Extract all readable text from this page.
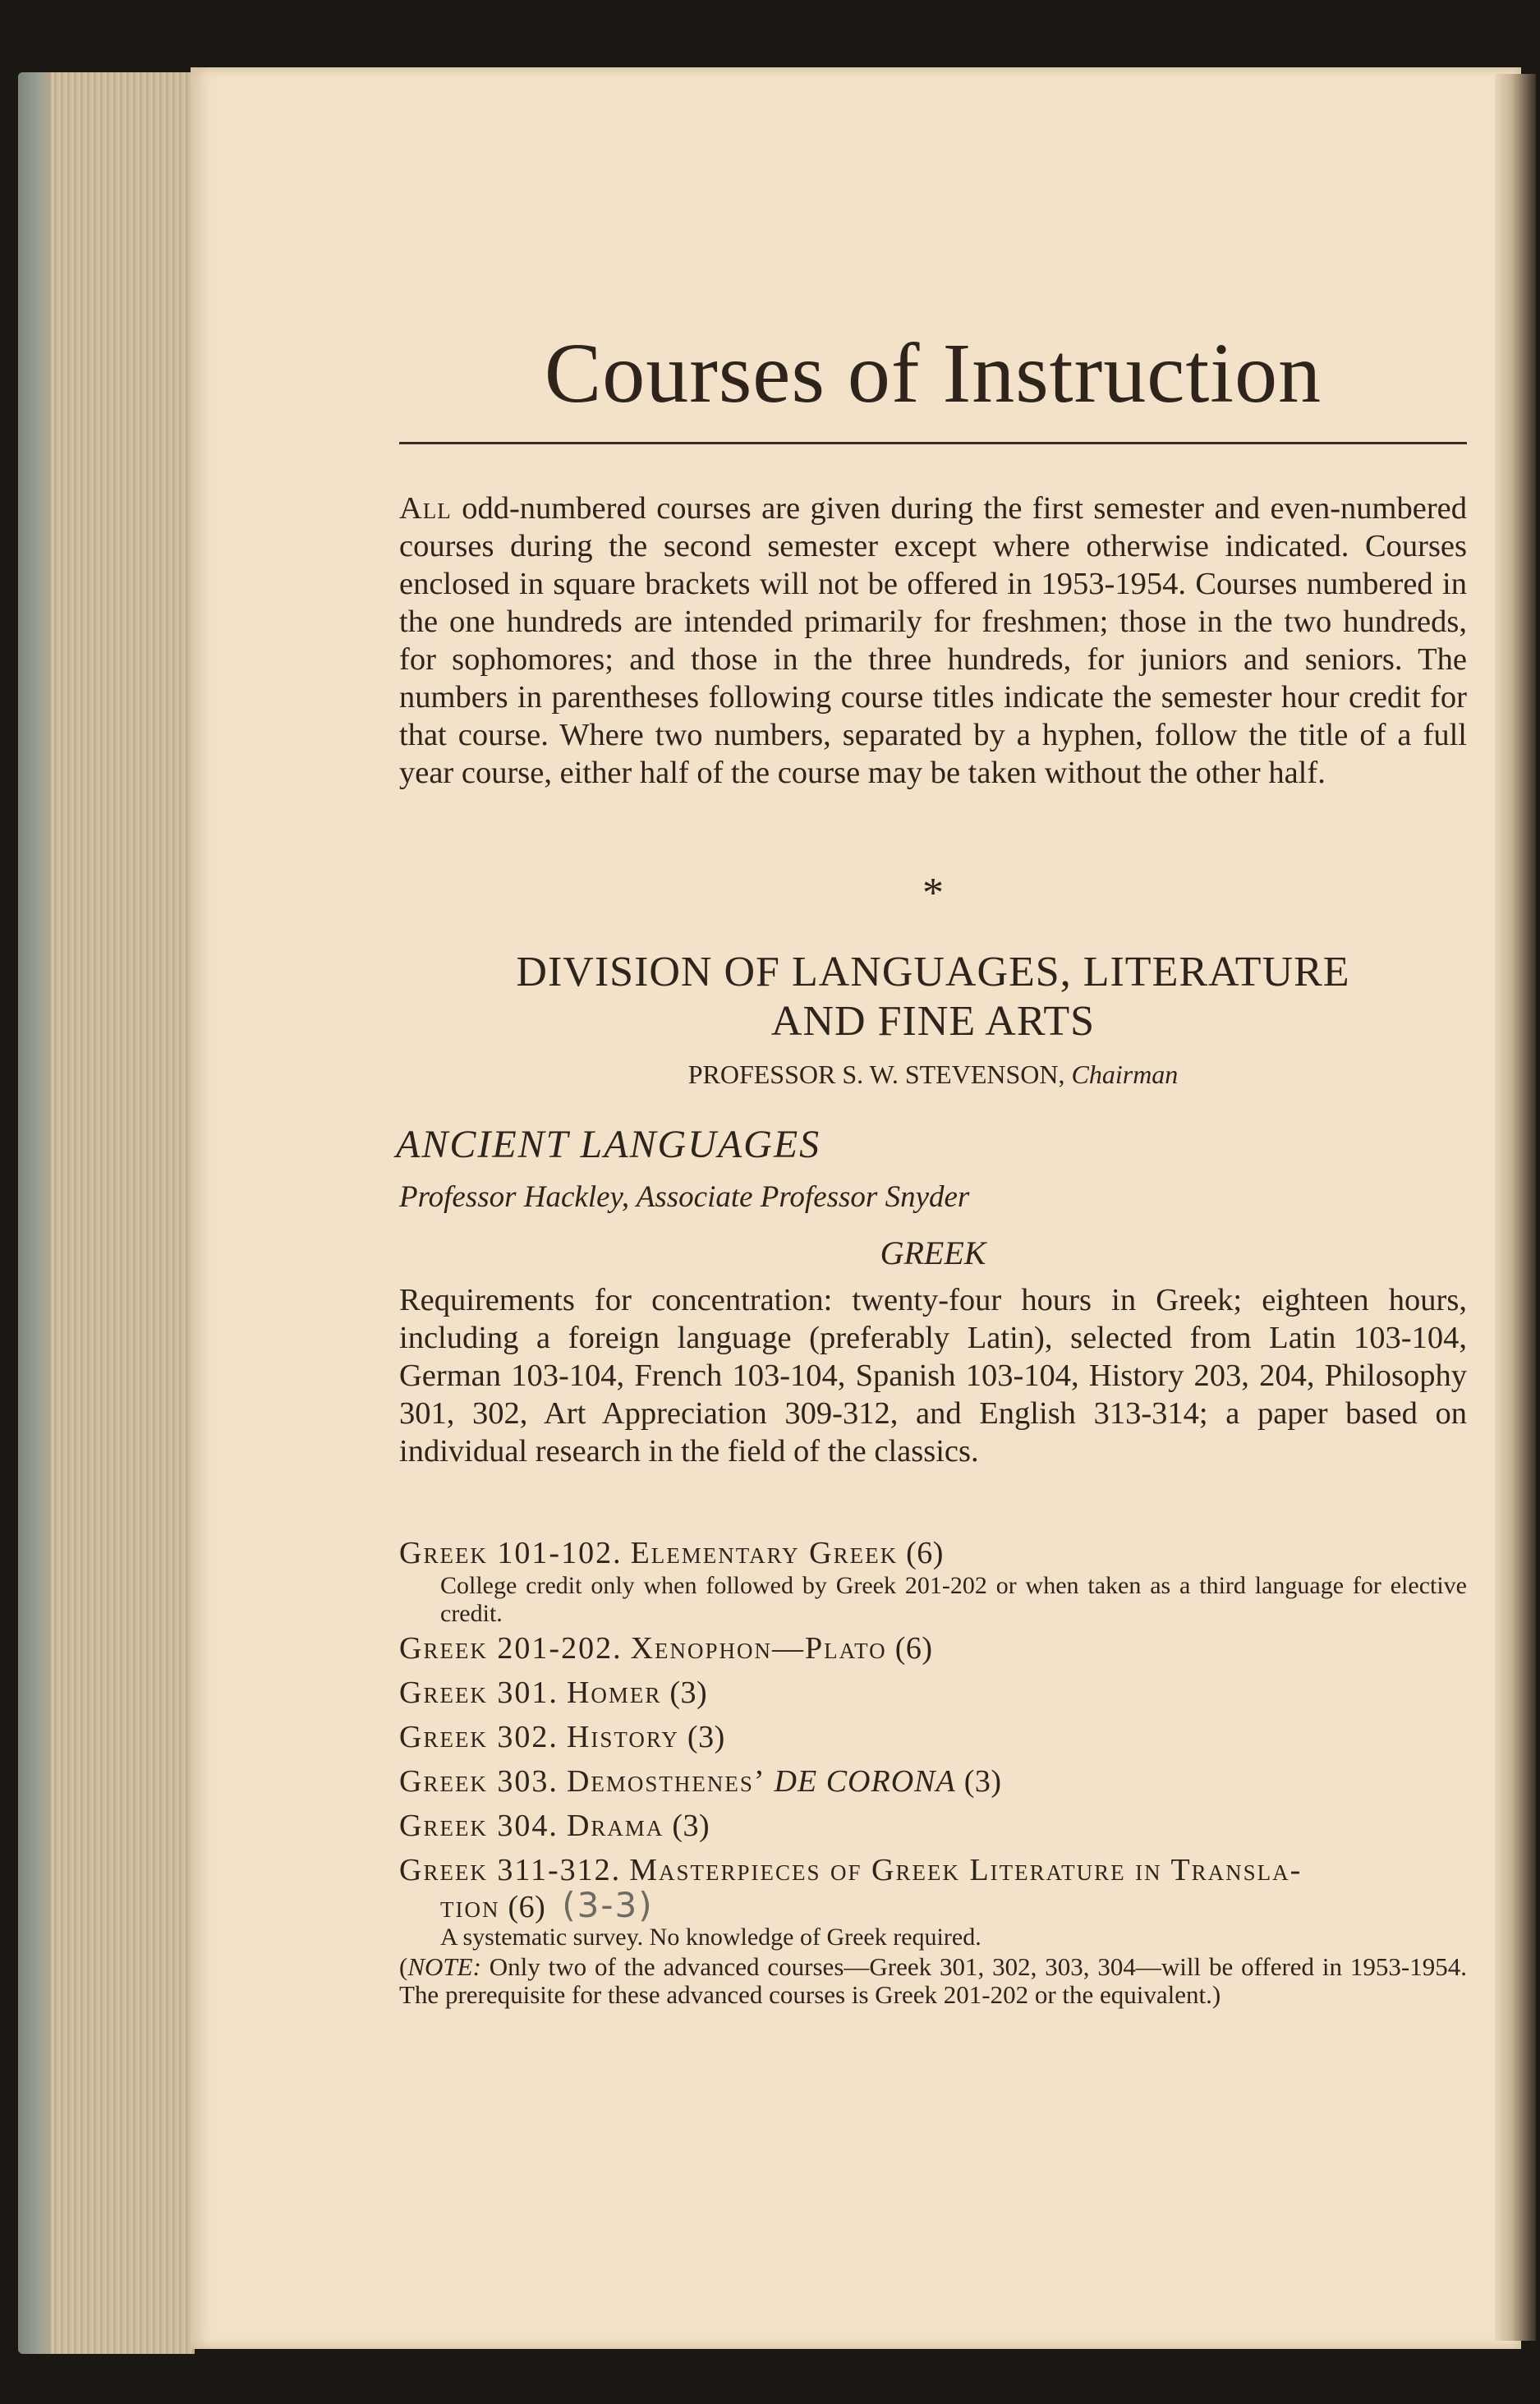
Courses of Instruction
All odd-numbered courses are given during the first semester and even-numbered courses during the second semester except where otherwise indicated. Courses enclosed in square brackets will not be offered in 1953-1954. Courses numbered in the one hundreds are intended primarily for freshmen; those in the two hundreds, for sophomores; and those in the three hundreds, for juniors and seniors. The numbers in parentheses following course titles indicate the semester hour credit for that course. Where two numbers, separated by a hyphen, follow the title of a full year course, either half of the course may be taken without the other half.
*
DIVISION OF LANGUAGES, LITERATURE
AND FINE ARTS
PROFESSOR S. W. STEVENSON, Chairman
ANCIENT LANGUAGES
Professor Hackley, Associate Professor Snyder
GREEK
Requirements for concentration: twenty-four hours in Greek; eighteen hours, including a foreign language (preferably Latin), selected from Latin 103-104, German 103-104, French 103-104, Spanish 103-104, History 203, 204, Philosophy 301, 302, Art Appreciation 309-312, and English 313-314; a paper based on individual research in the field of the classics.
Greek 101-102. Elementary Greek (6)
College credit only when followed by Greek 201-202 or when taken as a third language for elective credit.
Greek 201-202. Xenophon—Plato (6)
Greek 301. Homer (3)
Greek 302. History (3)
Greek 303. Demosthenes’ DE CORONA (3)
Greek 304. Drama (3)
Greek 311-312. Masterpieces of Greek Literature in Transla-
tion (6) (3-3)
A systematic survey. No knowledge of Greek required.
(NOTE: Only two of the advanced courses—Greek 301, 302, 303, 304—will be offered in 1953-1954. The prerequisite for these advanced courses is Greek 201-202 or the equivalent.)
